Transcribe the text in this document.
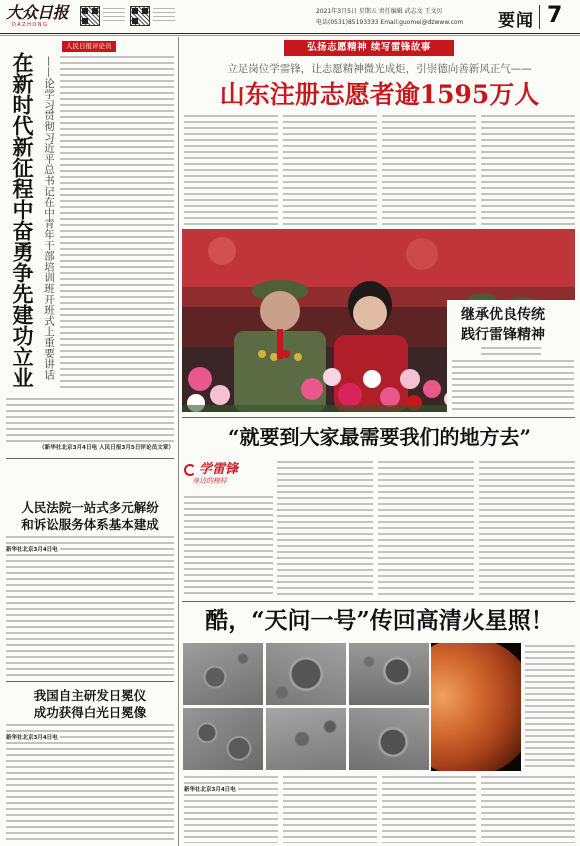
大众日报
DAZHONG
2021年3月5日 星期五 责任编辑 武志文 王文贝
电话(0531)85193333 Email:guomei@dzwww.com 要闻 7
人民日报评论员
在新时代新征程中奋勇争先建功立业 ——论学习贯彻习近平总书记在中青年干部培训班开班式上重要讲话
（新华社北京3月4日电 人民日报3月5日评论员文章）
人民法院一站式多元解纷
和诉讼服务体系基本建成
新华社北京3月4日电
我国自主研发日冕仪
成功获得白光日冕像
新华社北京3月4日电
弘扬志愿精神 续写雷锋故事
立足岗位学雷锋，让志愿精神微光成炬，引崇德向善新风正气——
山东注册志愿者逾1595万人
继承优良传统
践行雷锋精神
“就要到大家最需要我们的地方去”
学雷锋
身边的榜样
酷，“天问一号”传回高清火星照！
新华社北京3月4日电
